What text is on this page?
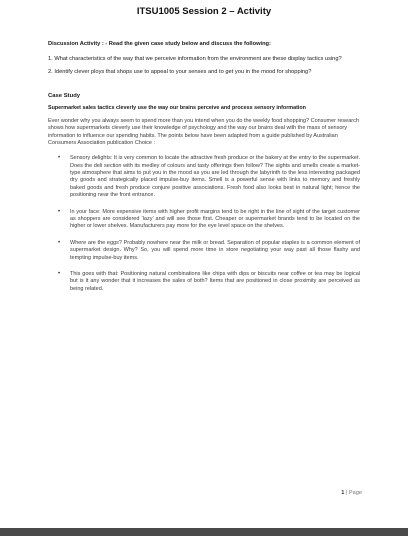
ITSU1005 Session 2 – Activity

Discussion Activity : - Read the given case study below and discuss the following:

1. What characteristics of the way that we perceive information from the environment are these display tactics using?

2. Identify clever ploys that shops use to appeal to your senses and to get you in the mood for shopping?

Case Study

Supermarket sales tactics cleverly use the way our brains perceive and process sensory information

Ever wonder why you always seem to spend more than you intend when you do the weekly food shopping? Consumer research shows how supermarkets cleverly use their knowledge of psychology and the way our brains deal with the mass of sensory information to influence our spending habits. The points below have been adapted from a guide published by Australian Consumers Association publication Choice :

• Sensory delights: It is very common to locate the attractive fresh produce or the bakery at the entry to the supermarket. Does the deli section with its medley of colours and tasty offerings then follow? The sights and smells create a market-type atmosphere that aims to put you in the mood as you are led through the labyrinth to the less interesting packaged dry goods and strategically placed impulse-buy items. Smell is a powerful sense with links to memory and freshly baked goods and fresh produce conjure positive associations. Fresh food also looks best in natural light; hence the positioning near the front entrance.
• In your face: More expensive items with higher profit margins tend to be right in the line of sight of the target customer as shoppers are considered ‘lazy’ and will see those first. Cheaper or supermarket brands tend to be located on the higher or lower shelves. Manufacturers pay more for the eye level space on the shelves.
• Where are the eggs? Probably nowhere near the milk or bread. Separation of popular staples is a common element of supermarket design. Why? So, you will spend more time in store negotiating your way past all those flashy and tempting impulse-buy items.
• This goes with that: Positioning natural combinations like chips with dips or biscuits near coffee or tea may be logical but is it any wonder that it increases the sales of both? Items that are positioned in close proximity are perceived as being related.
1 | Page
